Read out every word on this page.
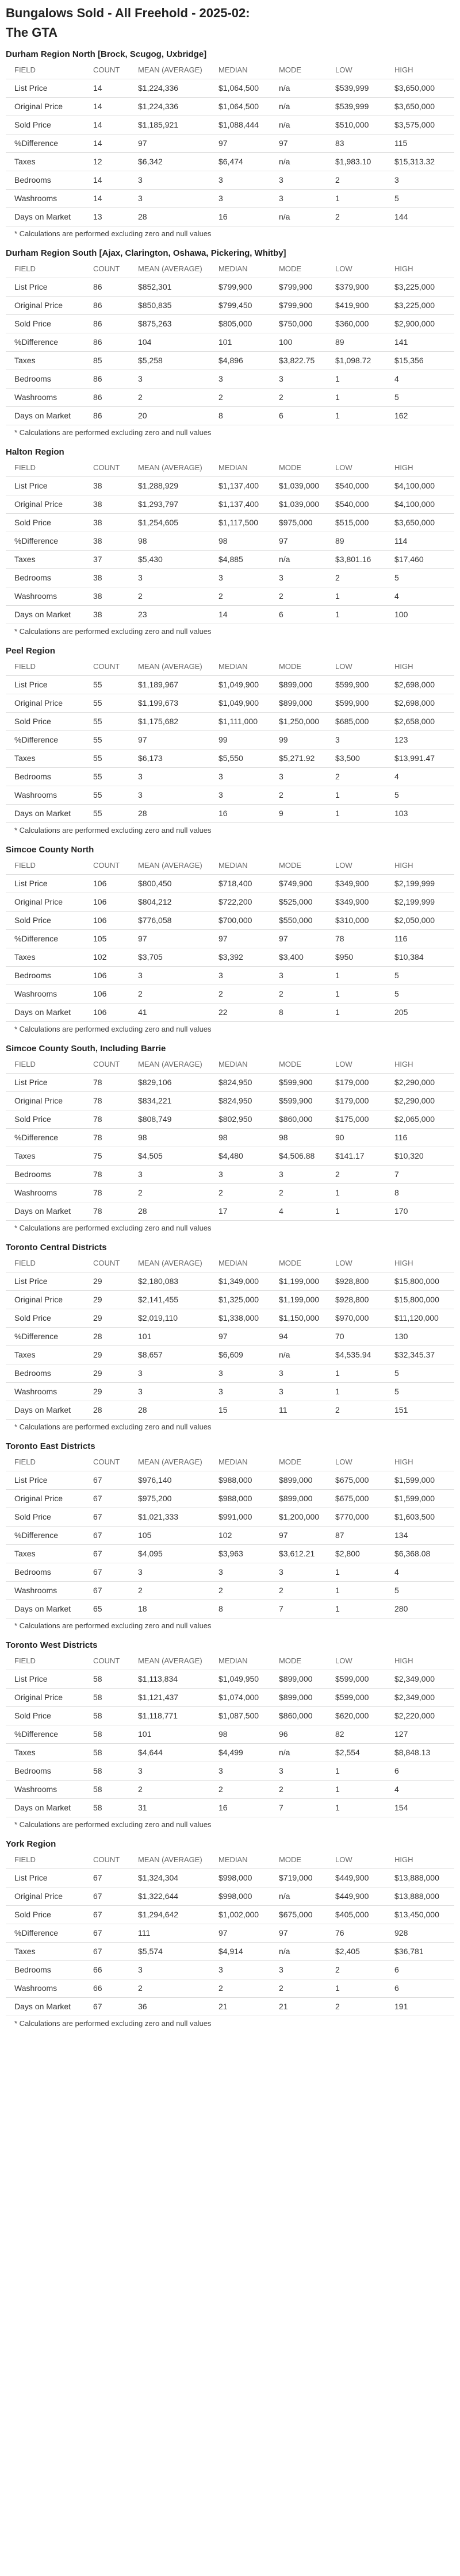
Bungalows Sold - All Freehold - 2025-02:
The GTA
Durham Region North [Brock, Scugog, Uxbridge]
FIELD	COUNT	MEAN (AVERAGE)	MEDIAN	MODE	LOW	HIGH
List Price	14	$1,224,336	$1,064,500	n/a	$539,999	$3,650,000
Original Price	14	$1,224,336	$1,064,500	n/a	$539,999	$3,650,000
Sold Price	14	$1,185,921	$1,088,444	n/a	$510,000	$3,575,000
%Difference	14	97	97	97	83	115
Taxes	12	$6,342	$6,474	n/a	$1,983.10	$15,313.32
Bedrooms	14	3	3	3	2	3
Washrooms	14	3	3	3	1	5
Days on Market	13	28	16	n/a	2	144
* Calculations are performed excluding zero and null values
Durham Region South [Ajax, Clarington, Oshawa, Pickering, Whitby]
FIELD	COUNT	MEAN (AVERAGE)	MEDIAN	MODE	LOW	HIGH
List Price	86	$852,301	$799,900	$799,900	$379,900	$3,225,000
Original Price	86	$850,835	$799,450	$799,900	$419,900	$3,225,000
Sold Price	86	$875,263	$805,000	$750,000	$360,000	$2,900,000
%Difference	86	104	101	100	89	141
Taxes	85	$5,258	$4,896	$3,822.75	$1,098.72	$15,356
Bedrooms	86	3	3	3	1	4
Washrooms	86	2	2	2	1	5
Days on Market	86	20	8	6	1	162
* Calculations are performed excluding zero and null values
Halton Region
FIELD	COUNT	MEAN (AVERAGE)	MEDIAN	MODE	LOW	HIGH
List Price	38	$1,288,929	$1,137,400	$1,039,000	$540,000	$4,100,000
Original Price	38	$1,293,797	$1,137,400	$1,039,000	$540,000	$4,100,000
Sold Price	38	$1,254,605	$1,117,500	$975,000	$515,000	$3,650,000
%Difference	38	98	98	97	89	114
Taxes	37	$5,430	$4,885	n/a	$3,801.16	$17,460
Bedrooms	38	3	3	3	2	5
Washrooms	38	2	2	2	1	4
Days on Market	38	23	14	6	1	100
* Calculations are performed excluding zero and null values
Peel Region
FIELD	COUNT	MEAN (AVERAGE)	MEDIAN	MODE	LOW	HIGH
List Price	55	$1,189,967	$1,049,900	$899,000	$599,900	$2,698,000
Original Price	55	$1,199,673	$1,049,900	$899,000	$599,900	$2,698,000
Sold Price	55	$1,175,682	$1,111,000	$1,250,000	$685,000	$2,658,000
%Difference	55	97	99	99	3	123
Taxes	55	$6,173	$5,550	$5,271.92	$3,500	$13,991.47
Bedrooms	55	3	3	3	2	4
Washrooms	55	3	3	2	1	5
Days on Market	55	28	16	9	1	103
* Calculations are performed excluding zero and null values
Simcoe County North
FIELD	COUNT	MEAN (AVERAGE)	MEDIAN	MODE	LOW	HIGH
List Price	106	$800,450	$718,400	$749,900	$349,900	$2,199,999
Original Price	106	$804,212	$722,200	$525,000	$349,900	$2,199,999
Sold Price	106	$776,058	$700,000	$550,000	$310,000	$2,050,000
%Difference	105	97	97	97	78	116
Taxes	102	$3,705	$3,392	$3,400	$950	$10,384
Bedrooms	106	3	3	3	1	5
Washrooms	106	2	2	2	1	5
Days on Market	106	41	22	8	1	205
* Calculations are performed excluding zero and null values
Simcoe County South, Including Barrie
FIELD	COUNT	MEAN (AVERAGE)	MEDIAN	MODE	LOW	HIGH
List Price	78	$829,106	$824,950	$599,900	$179,000	$2,290,000
Original Price	78	$834,221	$824,950	$599,900	$179,000	$2,290,000
Sold Price	78	$808,749	$802,950	$860,000	$175,000	$2,065,000
%Difference	78	98	98	98	90	116
Taxes	75	$4,505	$4,480	$4,506.88	$141.17	$10,320
Bedrooms	78	3	3	3	2	7
Washrooms	78	2	2	2	1	8
Days on Market	78	28	17	4	1	170
* Calculations are performed excluding zero and null values
Toronto Central Districts
FIELD	COUNT	MEAN (AVERAGE)	MEDIAN	MODE	LOW	HIGH
List Price	29	$2,180,083	$1,349,000	$1,199,000	$928,800	$15,800,000
Original Price	29	$2,141,455	$1,325,000	$1,199,000	$928,800	$15,800,000
Sold Price	29	$2,019,110	$1,338,000	$1,150,000	$970,000	$11,120,000
%Difference	28	101	97	94	70	130
Taxes	29	$8,657	$6,609	n/a	$4,535.94	$32,345.37
Bedrooms	29	3	3	3	1	5
Washrooms	29	3	3	3	1	5
Days on Market	28	28	15	11	2	151
* Calculations are performed excluding zero and null values
Toronto East Districts
FIELD	COUNT	MEAN (AVERAGE)	MEDIAN	MODE	LOW	HIGH
List Price	67	$976,140	$988,000	$899,000	$675,000	$1,599,000
Original Price	67	$975,200	$988,000	$899,000	$675,000	$1,599,000
Sold Price	67	$1,021,333	$991,000	$1,200,000	$770,000	$1,603,500
%Difference	67	105	102	97	87	134
Taxes	67	$4,095	$3,963	$3,612.21	$2,800	$6,368.08
Bedrooms	67	3	3	3	1	4
Washrooms	67	2	2	2	1	5
Days on Market	65	18	8	7	1	280
* Calculations are performed excluding zero and null values
Toronto West Districts
FIELD	COUNT	MEAN (AVERAGE)	MEDIAN	MODE	LOW	HIGH
List Price	58	$1,113,834	$1,049,950	$899,000	$599,000	$2,349,000
Original Price	58	$1,121,437	$1,074,000	$899,000	$599,000	$2,349,000
Sold Price	58	$1,118,771	$1,087,500	$860,000	$620,000	$2,220,000
%Difference	58	101	98	96	82	127
Taxes	58	$4,644	$4,499	n/a	$2,554	$8,848.13
Bedrooms	58	3	3	3	1	6
Washrooms	58	2	2	2	1	4
Days on Market	58	31	16	7	1	154
* Calculations are performed excluding zero and null values
York Region
FIELD	COUNT	MEAN (AVERAGE)	MEDIAN	MODE	LOW	HIGH
List Price	67	$1,324,304	$998,000	$719,000	$449,900	$13,888,000
Original Price	67	$1,322,644	$998,000	n/a	$449,900	$13,888,000
Sold Price	67	$1,294,642	$1,002,000	$675,000	$405,000	$13,450,000
%Difference	67	111	97	97	76	928
Taxes	67	$5,574	$4,914	n/a	$2,405	$36,781
Bedrooms	66	3	3	3	2	6
Washrooms	66	2	2	2	1	6
Days on Market	67	36	21	21	2	191
* Calculations are performed excluding zero and null values
